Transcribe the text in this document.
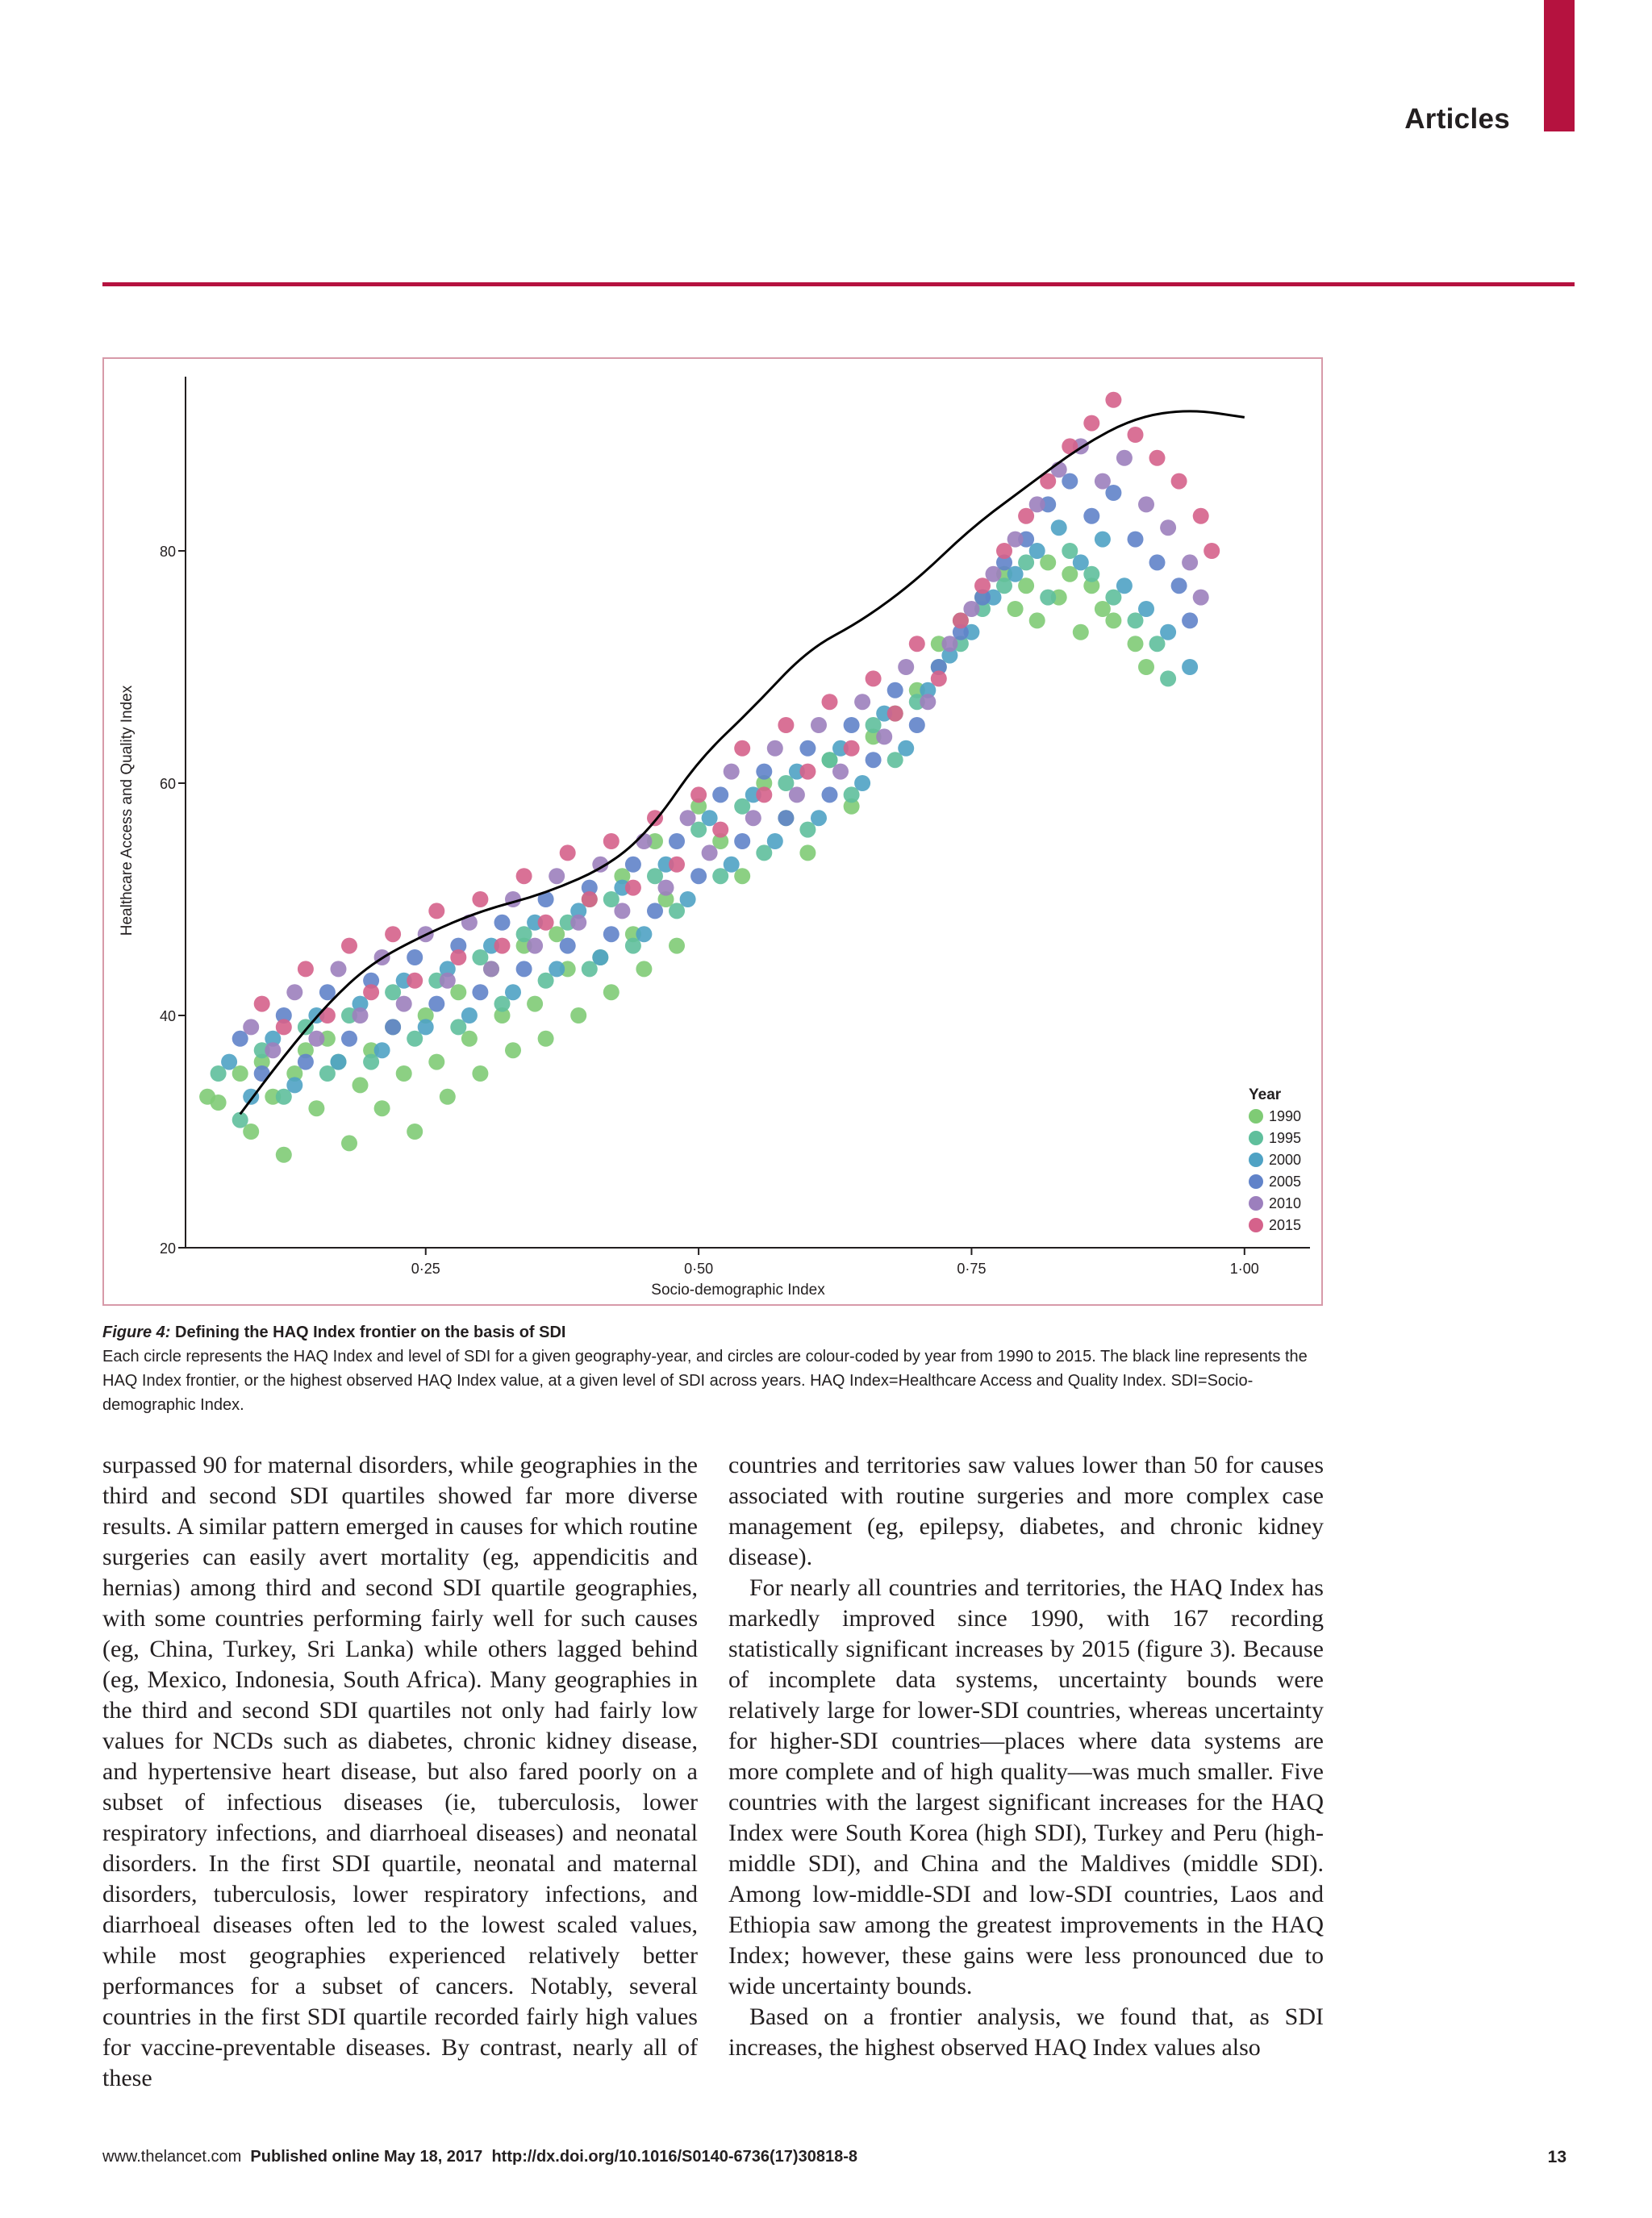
Articles
0·25	0·50	0·75	1·00
20
40
60
80
Socio-demographic Index
Healthcare Access and Quality Index
Year
1990
1995
2000
2005
2010
2015
Figure 4: Defining the HAQ Index frontier on the basis of SDI
Each circle represents the HAQ Index and level of SDI for a given geography-year, and circles are colour-coded by year from 1990 to 2015. The black line represents the HAQ Index frontier, or the highest observed HAQ Index value, at a given level of SDI across years. HAQ Index=Healthcare Access and Quality Index. SDI=Socio-demographic Index.

surpassed 90 for maternal disorders, while geographies in the third and second SDI quartiles showed far more diverse results. A similar pattern emerged in causes for which routine surgeries can easily avert mortality (eg, appendicitis and hernias) among third and second SDI quartile geographies, with some countries performing fairly well for such causes (eg, China, Turkey, Sri Lanka) while others lagged behind (eg, Mexico, Indonesia, South Africa). Many geographies in the third and second SDI quartiles not only had fairly low values for NCDs such as diabetes, chronic kidney disease, and hypertensive heart disease, but also fared poorly on a subset of infectious diseases (ie, tuberculosis, lower respiratory infections, and diarrhoeal diseases) and neonatal disorders. In the first SDI quartile, neonatal and maternal disorders, tuberculosis, lower respiratory infections, and diarrhoeal diseases often led to the lowest scaled values, while most geographies experienced relatively better performances for a subset of cancers. Notably, several countries in the first SDI quartile recorded fairly high values for vaccine-preventable diseases. By contrast, nearly all of these

countries and territories saw values lower than 50 for causes associated with routine surgeries and more complex case management (eg, epilepsy, diabetes, and chronic kidney disease).

For nearly all countries and territories, the HAQ Index has markedly improved since 1990, with 167 recording statistically significant increases by 2015 (figure 3). Because of incomplete data systems, uncertainty bounds were relatively large for lower-SDI countries, whereas uncertainty for higher-SDI countries—places where data systems are more complete and of high quality—was much smaller. Five countries with the largest significant increases for the HAQ Index were South Korea (high SDI), Turkey and Peru (high-middle SDI), and China and the Maldives (middle SDI). Among low-middle-SDI and low-SDI countries, Laos and Ethiopia saw among the greatest improvements in the HAQ Index; however, these gains were less pronounced due to wide uncertainty bounds.

Based on a frontier analysis, we found that, as SDI increases, the highest observed HAQ Index values also

www.thelancet.com Published online May 18, 2017 http://dx.doi.org/10.1016/S0140-6736(17)30818-8	13
